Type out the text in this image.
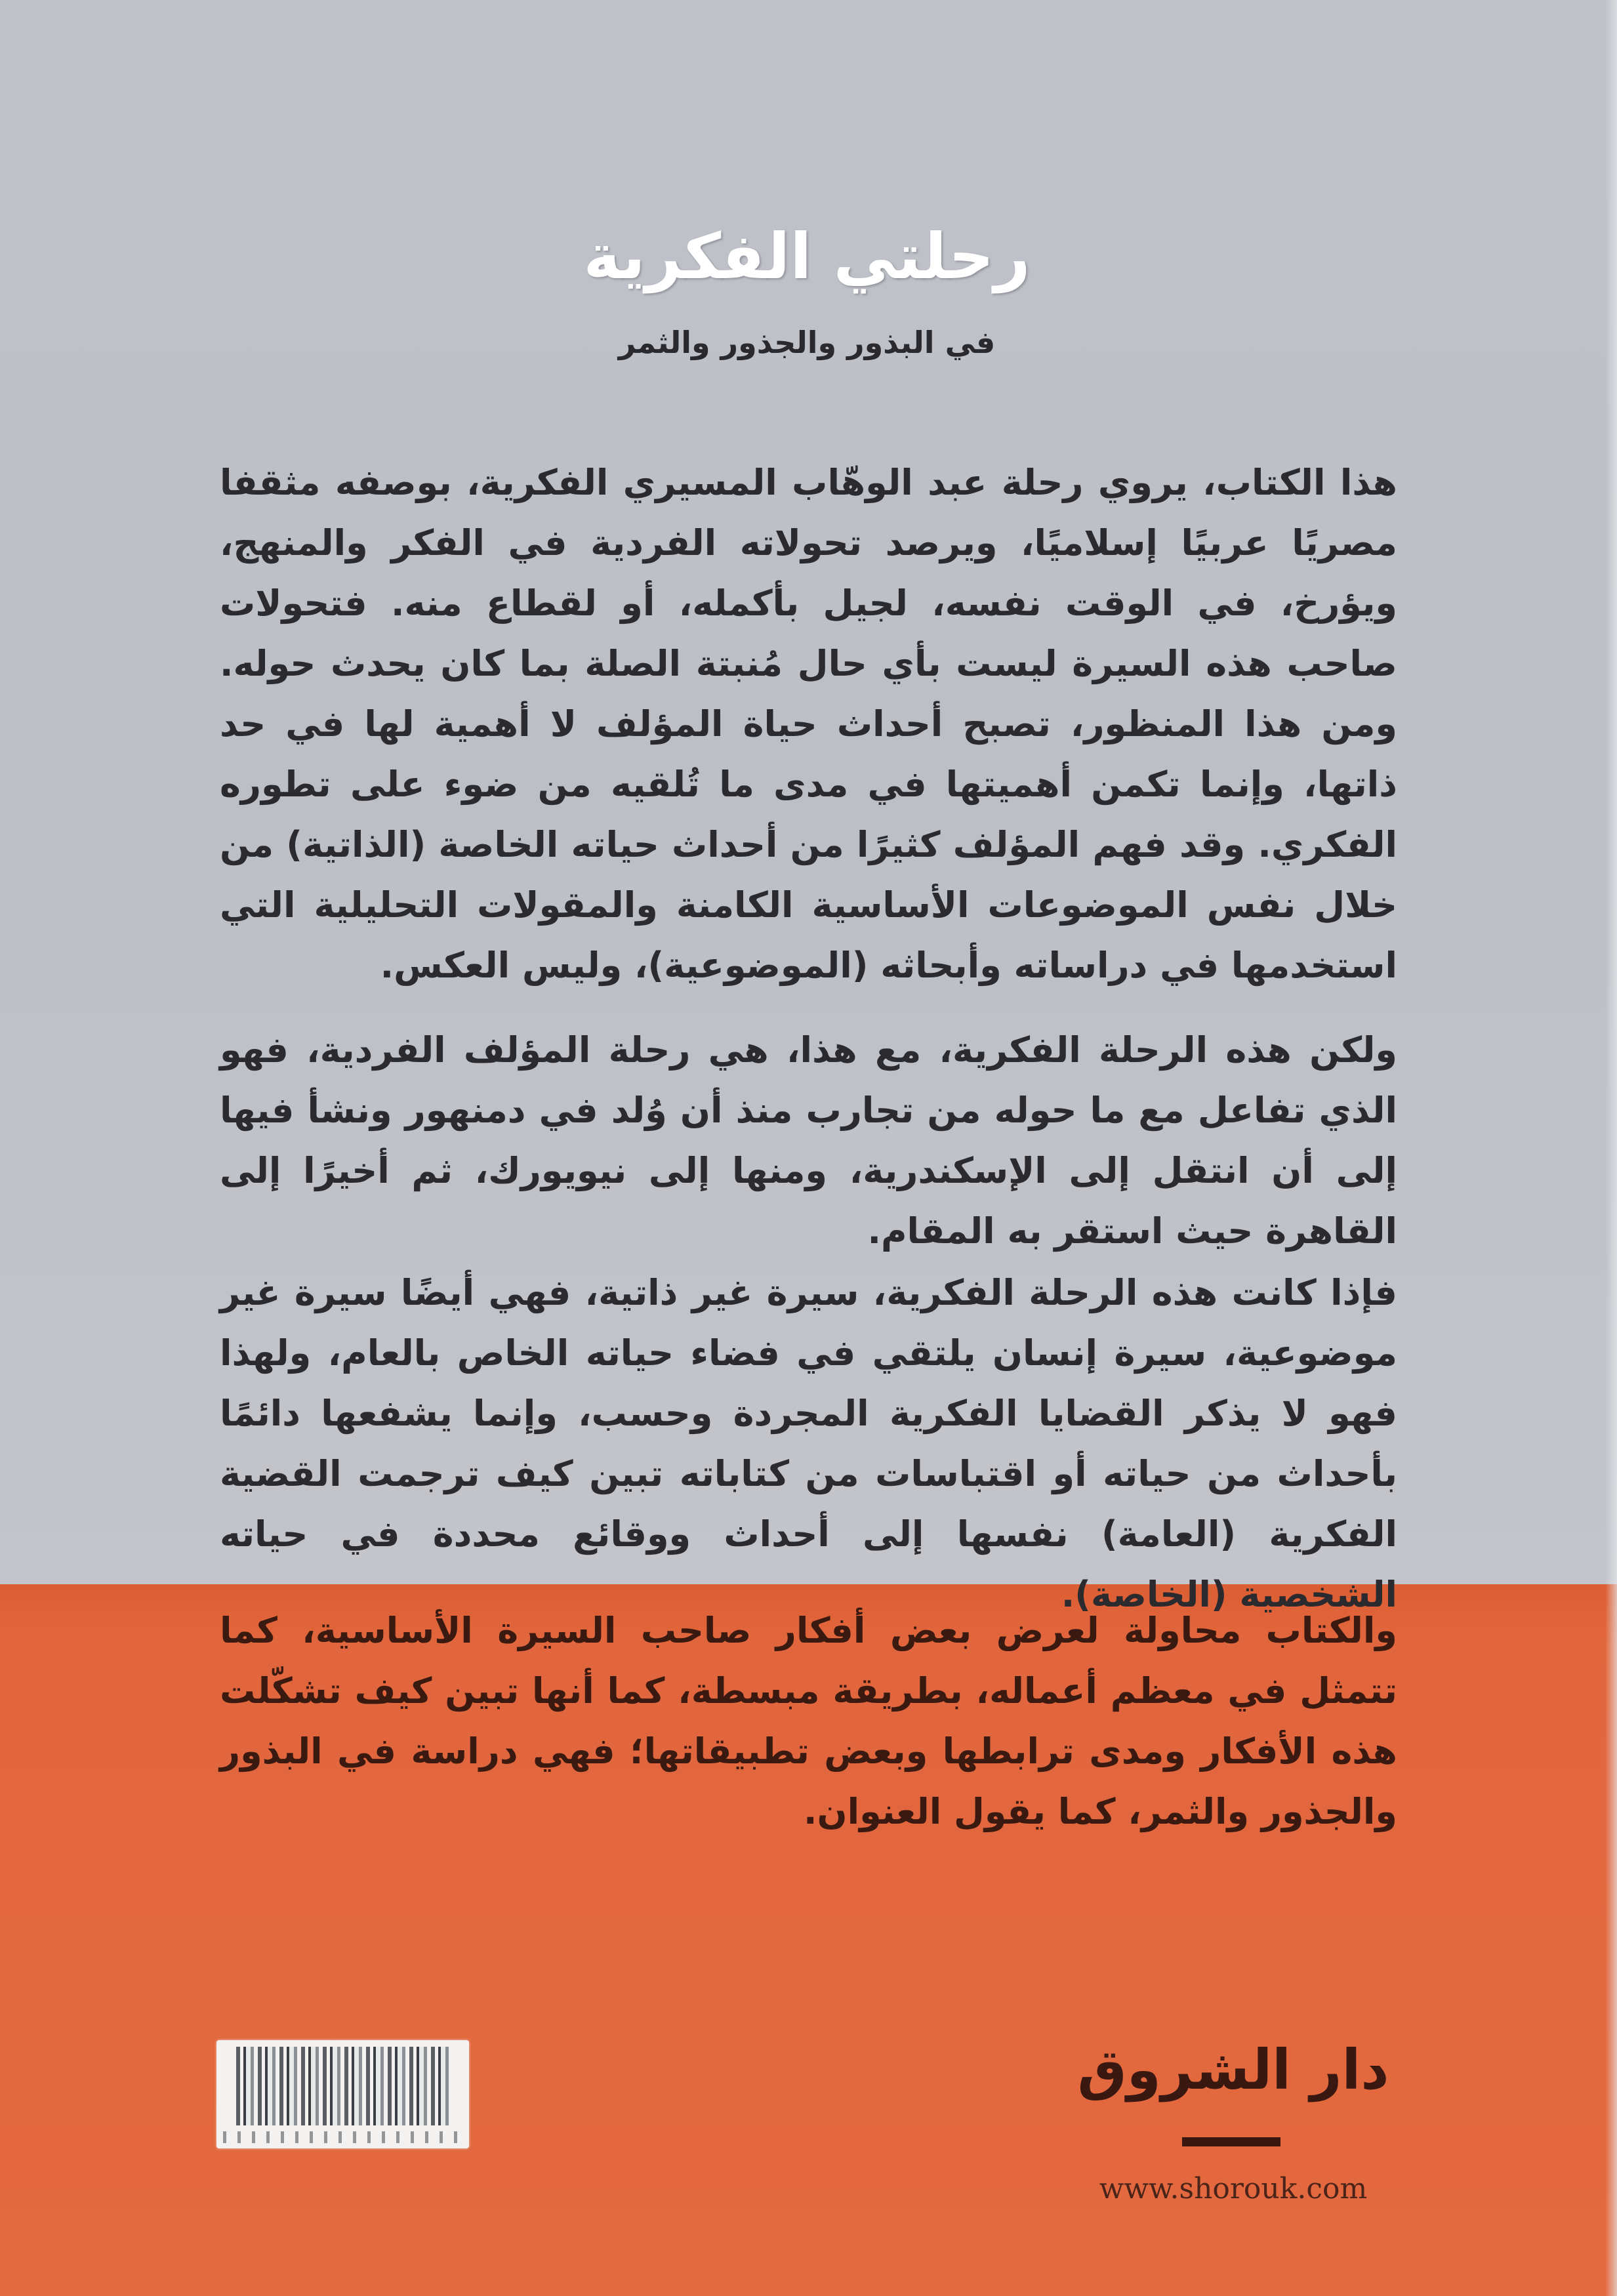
رحلتي الفكرية
في البذور والجذور والثمر

هذا الكتاب، يروي رحلة عبد الوهّاب المسيري الفكرية، بوصفه مثقفا مصريًا عربيًا إسلاميًا، ويرصد تحولاته الفردية في الفكر والمنهج، ويؤرخ، في الوقت نفسه، لجيل بأكمله، أو لقطاع منه. فتحولات صاحب هذه السيرة ليست بأي حال مُنبتة الصلة بما كان يحدث حوله. ومن هذا المنظور، تصبح أحداث حياة المؤلف لا أهمية لها في حد ذاتها، وإنما تكمن أهميتها في مدى ما تُلقيه من ضوء على تطوره الفكري. وقد فهم المؤلف كثيرًا من أحداث حياته الخاصة (الذاتية) من خلال نفس الموضوعات الأساسية الكامنة والمقولات التحليلية التي استخدمها في دراساته وأبحاثه (الموضوعية)، وليس العكس.

ولكن هذه الرحلة الفكرية، مع هذا، هي رحلة المؤلف الفردية، فهو الذي تفاعل مع ما حوله من تجارب منذ أن وُلد في دمنهور ونشأ فيها إلى أن انتقل إلى الإسكندرية، ومنها إلى نيويورك، ثم أخيرًا إلى القاهرة حيث استقر به المقام.

فإذا كانت هذه الرحلة الفكرية، سيرة غير ذاتية، فهي أيضًا سيرة غير موضوعية، سيرة إنسان يلتقي في فضاء حياته الخاص بالعام، ولهذا فهو لا يذكر القضايا الفكرية المجردة وحسب، وإنما يشفعها دائمًا بأحداث من حياته أو اقتباسات من كتاباته تبين كيف ترجمت القضية الفكرية (العامة) نفسها إلى أحداث ووقائع محددة في حياته الشخصية (الخاصة).

والكتاب محاولة لعرض بعض أفكار صاحب السيرة الأساسية، كما تتمثل في معظم أعماله، بطريقة مبسطة، كما أنها تبين كيف تشكّلت هذه الأفكار ومدى ترابطها وبعض تطبيقاتها؛ فهي دراسة في البذور والجذور والثمر، كما يقول العنوان.

دار الشروق
www.shorouk.com
